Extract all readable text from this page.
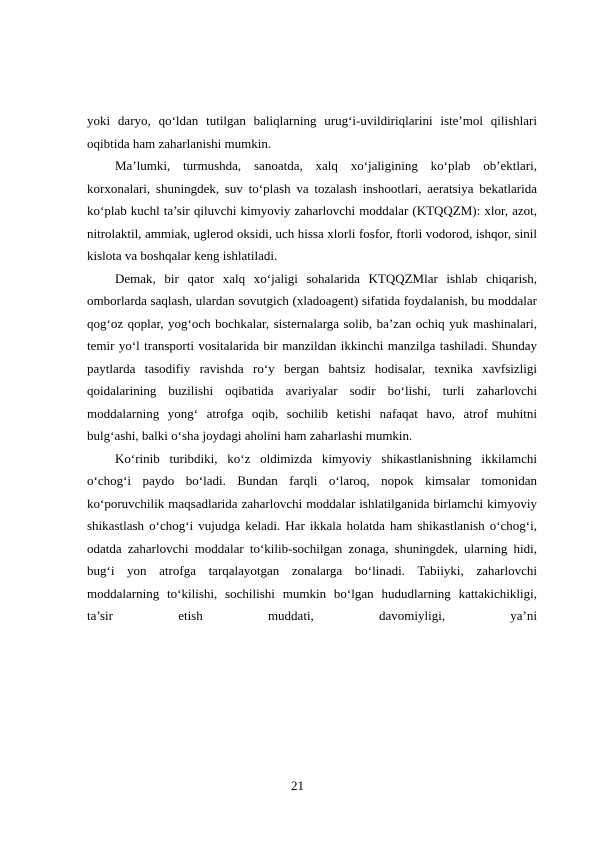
yoki daryo, qo‘ldan tutilgan baliqlarning urug‘i-uvildiriqlarini iste’mol qilishlari oqibtida ham zaharlanishi mumkin.

Ma’lumki, turmushda, sanoatda, xalq xo‘jaligining ko‘plab ob’ektlari, korxonalari, shuningdek, suv to‘plash va tozalash inshootlari, aeratsiya bekatlarida ko‘plab kuchl ta’sir qiluvchi kimyoviy zaharlovchi moddalar (KTQQZM): xlor, azot, nitrolaktil, ammiak, uglerod oksidi, uch hissa xlorli fosfor, ftorli vodorod, ishqor, sinil kislota va boshqalar keng ishlatiladi.

Demak, bir qator xalq xo‘jaligi sohalarida KTQQZMlar ishlab chiqarish, omborlarda saqlash, ulardan sovutgich (xladoagent) sifatida foydalanish, bu moddalar qog‘oz qoplar, yog‘och bochkalar, sisternalarga solib, ba’zan ochiq yuk mashinalari, temir yo‘l transporti vositalarida bir manzildan ikkinchi manzilga tashiladi. Shunday paytlarda tasodifiy ravishda ro‘y bergan bahtsiz hodisalar, texnika xavfsizligi qoidalarining buzilishi oqibatida avariyalar sodir bo‘lishi, turli zaharlovchi moddalarning yong‘ atrofga oqib, sochilib ketishi nafaqat havo, atrof muhitni bulg‘ashi, balki o‘sha joydagi aholini ham zaharlashi mumkin.

Ko‘rinib turibdiki, ko‘z oldimizda kimyoviy shikastlanishning ikkilamchi o‘chog‘i paydo bo‘ladi. Bundan farqli o‘laroq, nopok kimsalar tomonidan ko‘poruvchilik maqsadlarida zaharlovchi moddalar ishlatilganida birlamchi kimyoviy shikastlash o‘chog‘i vujudga keladi. Har ikkala holatda ham shikastlanish o‘chog‘i, odatda zaharlovchi moddalar to‘kilib-sochilgan zonaga, shuningdek, ularning hidi, bug‘i yon atrofga tarqalayotgan zonalarga bo‘linadi. Tabiiyki, zaharlovchi moddalarning to‘kilishi, sochilishi mumkin bo‘lgan hududlarning kattakichikligi, ta’sir etish muddati, davomiyligi, ya’ni

21
